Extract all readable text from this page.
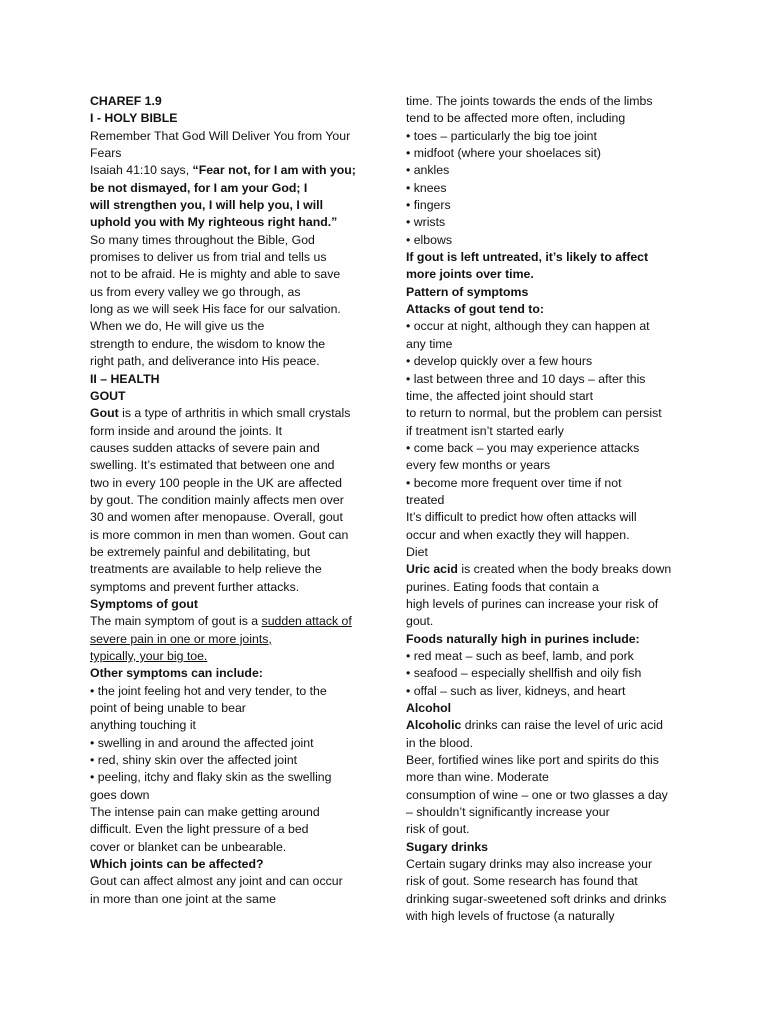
CHAREF 1.9
I - HOLY BIBLE
Remember That God Will Deliver You from Your
Fears
Isaiah 41:10 says, “Fear not, for I am with you;
be not dismayed, for I am your God; I
will strengthen you, I will help you, I will
uphold you with My righteous right hand.”
So many times throughout the Bible, God
promises to deliver us from trial and tells us
not to be afraid. He is mighty and able to save
us from every valley we go through, as
long as we will seek His face for our salvation.
When we do, He will give us the
strength to endure, the wisdom to know the
right path, and deliverance into His peace.
II – HEALTH
GOUT
Gout is a type of arthritis in which small crystals
form inside and around the joints. It
causes sudden attacks of severe pain and
swelling. It’s estimated that between one and
two in every 100 people in the UK are affected
by gout. The condition mainly affects men over
30 and women after menopause. Overall, gout
is more common in men than women. Gout can
be extremely painful and debilitating, but
treatments are available to help relieve the
symptoms and prevent further attacks.
Symptoms of gout
The main symptom of gout is a sudden attack of
severe pain in one or more joints,
typically, your big toe.
Other symptoms can include:
• the joint feeling hot and very tender, to the
point of being unable to bear
anything touching it
• swelling in and around the affected joint
• red, shiny skin over the affected joint
• peeling, itchy and flaky skin as the swelling
goes down
The intense pain can make getting around
difficult. Even the light pressure of a bed
cover or blanket can be unbearable.
Which joints can be affected?
Gout can affect almost any joint and can occur
in more than one joint at the same
time. The joints towards the ends of the limbs
tend to be affected more often, including
• toes – particularly the big toe joint
• midfoot (where your shoelaces sit)
• ankles
• knees
• fingers
• wrists
• elbows
If gout is left untreated, it’s likely to affect
more joints over time.
Pattern of symptoms
Attacks of gout tend to:
• occur at night, although they can happen at
any time
• develop quickly over a few hours
• last between three and 10 days – after this
time, the affected joint should start
to return to normal, but the problem can persist
if treatment isn’t started early
• come back – you may experience attacks
every few months or years
• become more frequent over time if not
treated
It’s difficult to predict how often attacks will
occur and when exactly they will happen.
Diet
Uric acid is created when the body breaks down
purines. Eating foods that contain a
high levels of purines can increase your risk of
gout.
Foods naturally high in purines include:
• red meat – such as beef, lamb, and pork
• seafood – especially shellfish and oily fish
• offal – such as liver, kidneys, and heart
Alcohol
Alcoholic drinks can raise the level of uric acid
in the blood.
Beer, fortified wines like port and spirits do this
more than wine. Moderate
consumption of wine – one or two glasses a day
– shouldn’t significantly increase your
risk of gout.
Sugary drinks
Certain sugary drinks may also increase your
risk of gout. Some research has found that
drinking sugar-sweetened soft drinks and drinks
with high levels of fructose (a naturally
